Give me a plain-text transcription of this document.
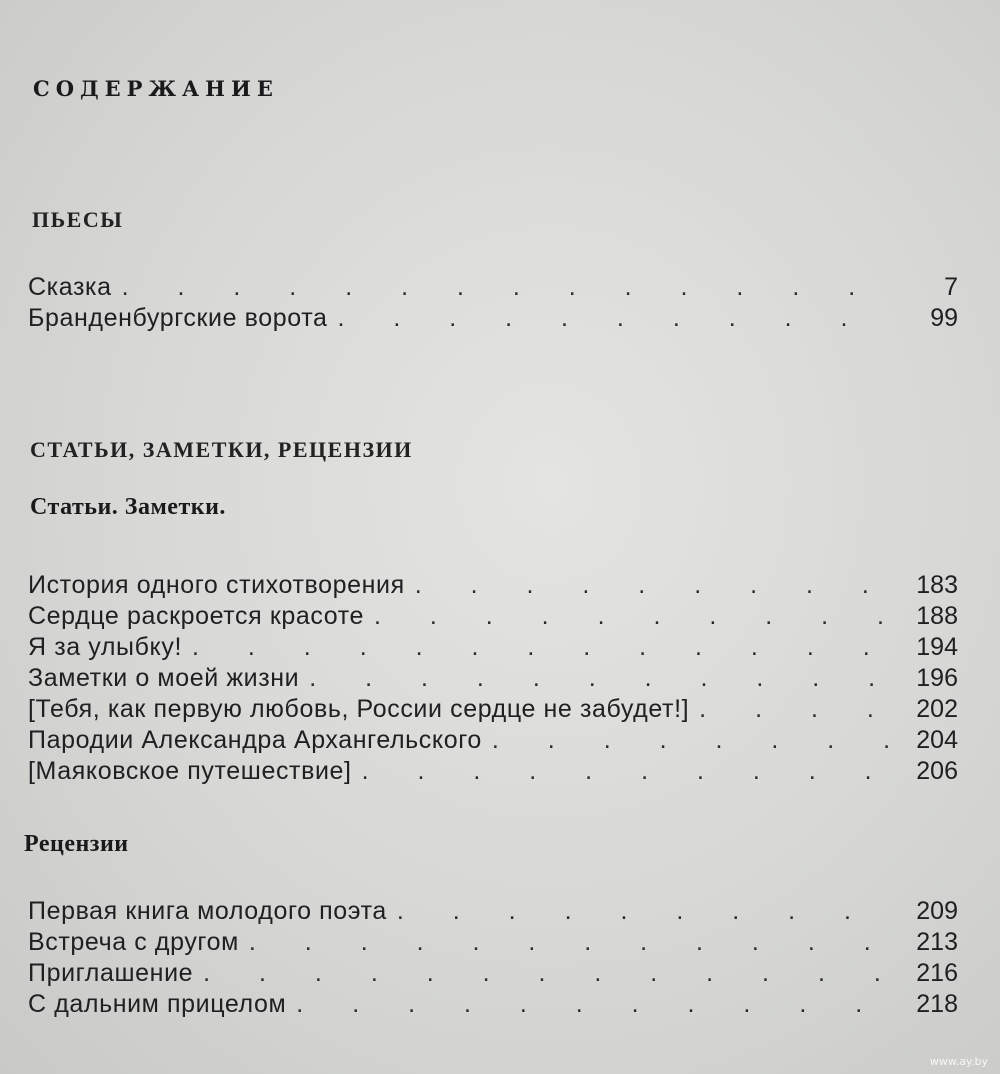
СОДЕРЖАНИЕ
ПЬЕСЫ
Сказка . . .	7
Бранденбургские ворота . . .	99
СТАТЬИ, ЗАМЕТКИ, РЕЦЕНЗИИ
Статьи. Заметки.
История одного стихотворения . . .	183
Сердце раскроется красоте . . .	188
Я за улыбку! . . .	194
Заметки о моей жизни . . .	196
[Тебя, как первую любовь, России сердце не забудет!] . . .	202
Пародии Александра Архангельского . . .	204
[Маяковское путешествие] . . .	206
Рецензии
Первая книга молодого поэта . . .	209
Встреча с другом . . .	213
Приглашение . . .	216
С дальним прицелом . . .	218
www.ay.by
